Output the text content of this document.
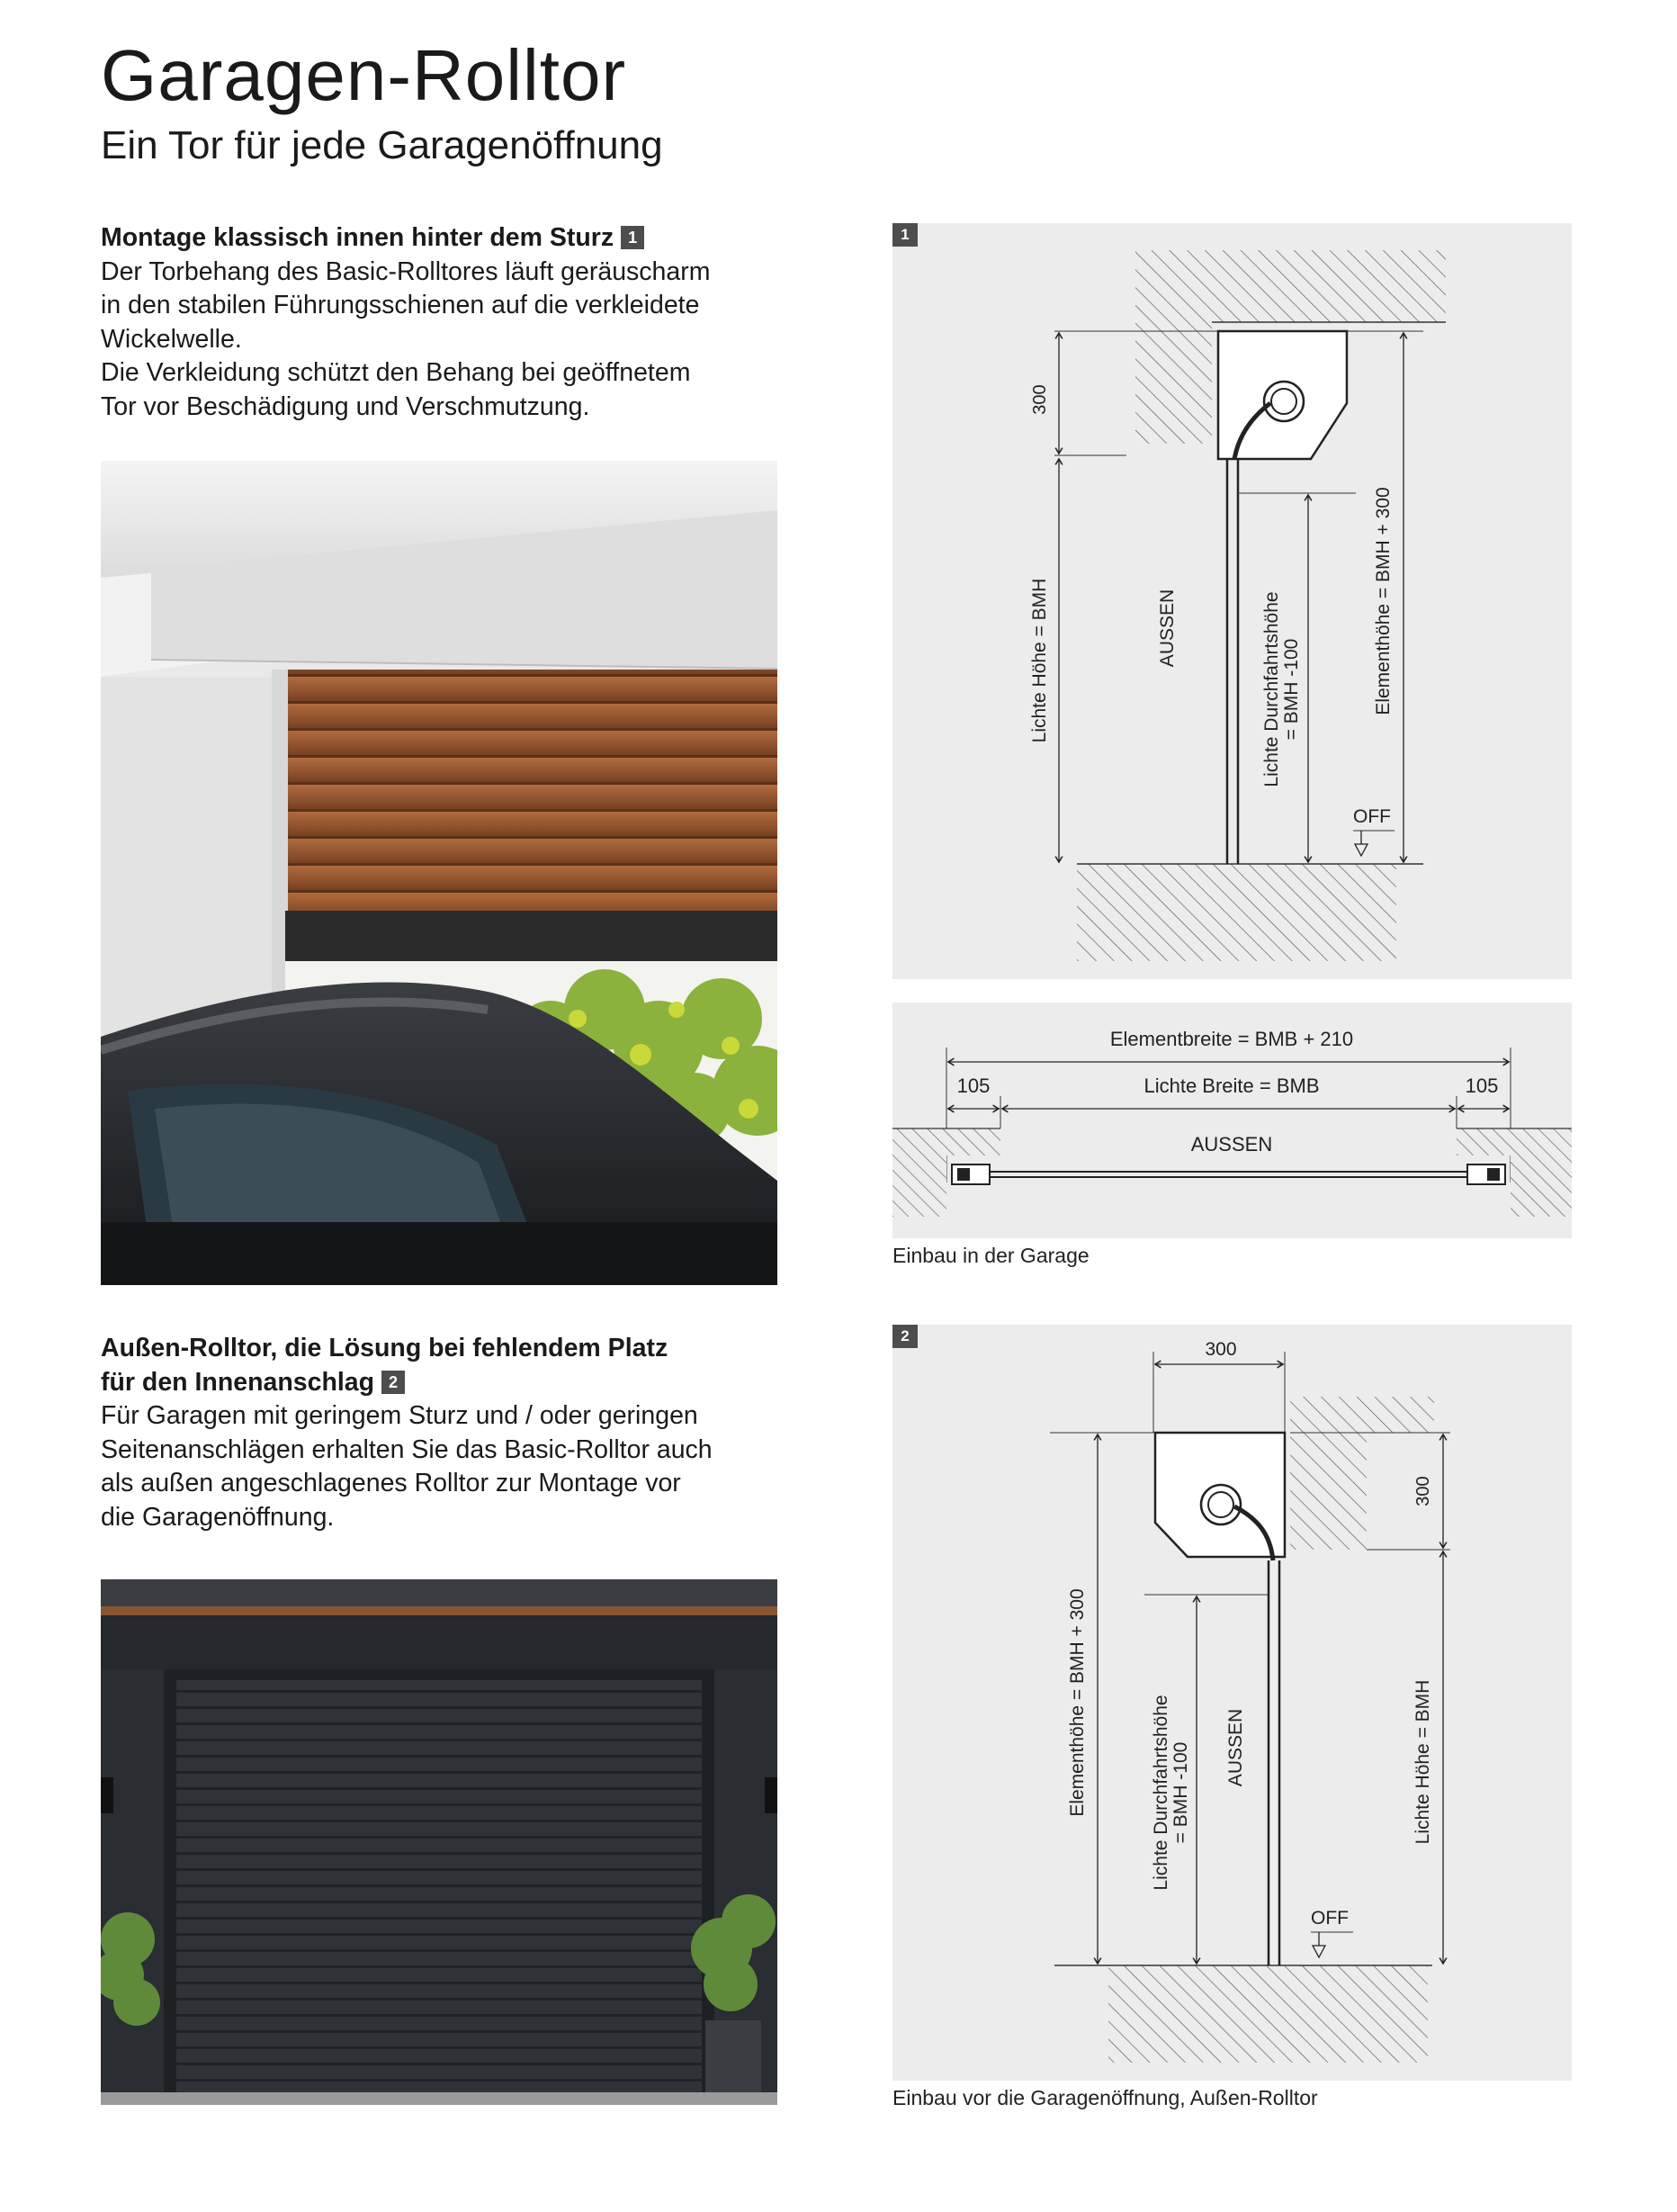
Garagen-Rolltor
Ein Tor für jede Garagenöffnung
Montage klassisch innen hinter dem Sturz 1
Der Torbehang des Basic-Rolltores läuft geräuscharm
in den stabilen Führungsschienen auf die verkleidete
Wickelwelle.
Die Verkleidung schützt den Behang bei geöffnetem
Tor vor Beschädigung und Verschmutzung.
Außen-Rolltor, die Lösung bei fehlendem Platz
für den Innenanschlag 2
Für Garagen mit geringem Sturz und / oder geringen
Seitenanschlägen erhalten Sie das Basic-Rolltor auch
als außen angeschlagenes Rolltor zur Montage vor
die Garagenöffnung.
1
300
Lichte Höhe = BMH	AUSSEN	Lichte Durchfahrtshöhe = BMH -100	Elementhöhe = BMH + 300
OFF
Elementbreite = BMB + 210
105	Lichte Breite = BMB	105
AUSSEN
Einbau in der Garage
2
300
Elementhöhe = BMH + 300	Lichte Durchfahrtshöhe = BMH -100 AUSSEN
300
Lichte Höhe = BMH
OFF
Einbau vor die Garagenöffnung, Außen-Rolltor
